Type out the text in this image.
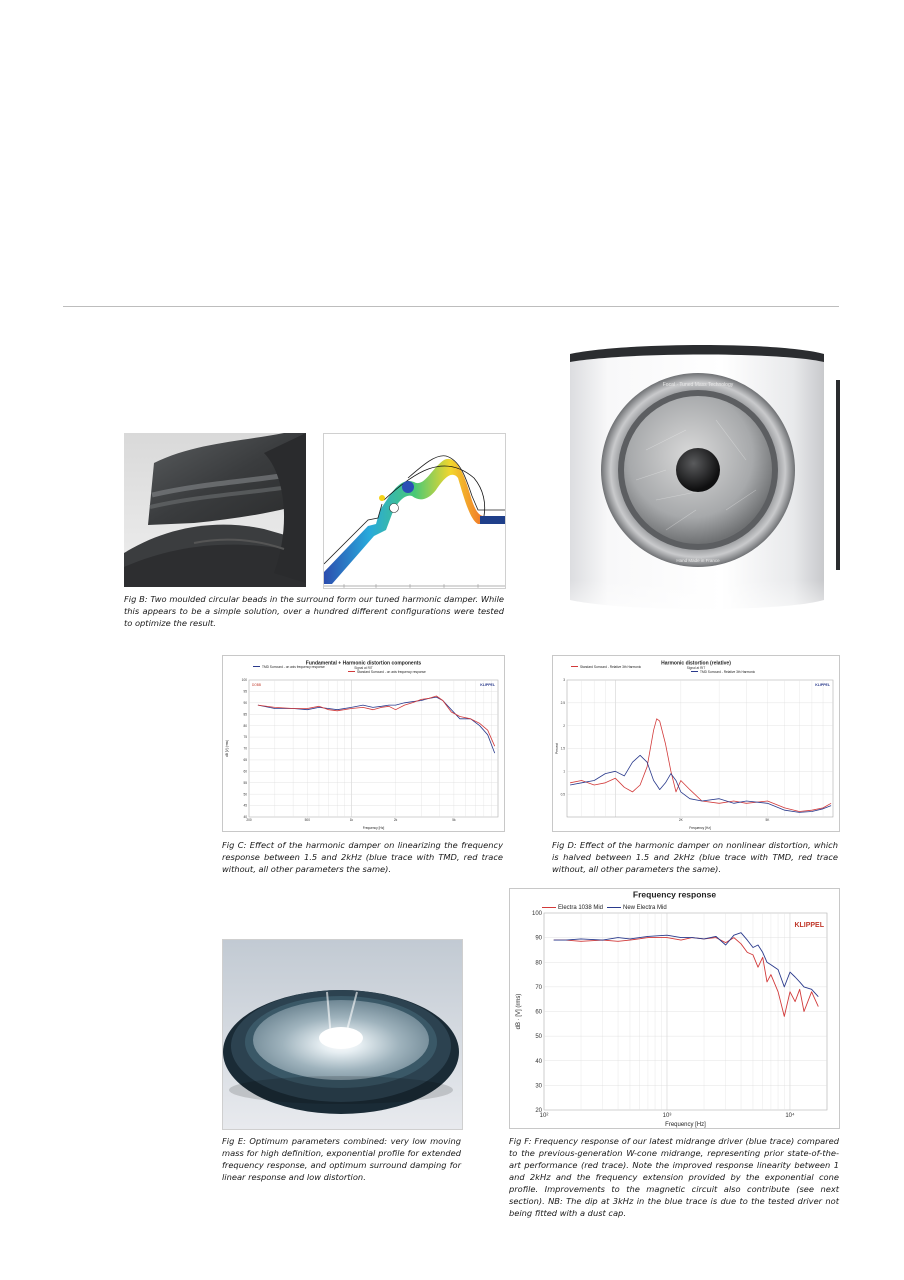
Fig B: Two moulded circular beads in the surround form our tuned harmonic damper. While this appears to be a simple solution, over a hundred different configurations were tested to optimize the result.
Focal · Tuned Mass Technology
Hand Made in France
Fundamental + Harmonic distortion components
Signal at RIT
40
45
50
55
60
65
70
75
80
85
90
95
100
200	500	1k	2k	5k
Frequency [Hz]
dB [V] (rms)
KLIPPEL
DOBB
TMD Surround - on axis frequency response
Standard Surround - on axis frequency response
Fig C: Effect of the harmonic damper on linearizing the frequency response between 1.5 and 2kHz (blue trace with TMD, red trace without, all other parameters the same).
Harmonic distortion (relative)
Signal at RIT
0.5
1
1.5
2
2.5
3
2K	5K
Frequency [Hz]
Percent
KLIPPEL
Standard Surround - Relative 3th Harmonic
TMD Surround - Relative 3th Harmonic
Fig D: Effect of the harmonic damper on nonlinear distortion, which is halved between 1.5 and 2kHz (blue trace with TMD, red trace without, all other parameters the same).
Fig E: Optimum parameters combined: very low moving mass for high definition, exponential profile for extended frequency response, and optimum surround damping for linear response and low distortion.
Frequency response
20
30
40
50
60
70
80
90
100
10²	10³	10⁴
Frequency [Hz]
dB · [V] (rms)
KLIPPEL
Electra 1038 Mid	New Electra Mid
Fig F: Frequency response of our latest midrange driver (blue trace) compared to the previous-generation W-cone midrange, representing prior state-of-the-art performance (red trace). Note the improved response linearity between 1 and 2kHz and the frequency extension provided by the exponential cone profile. Improvements to the magnetic circuit also contribute (see next section). NB: The dip at 3kHz in the blue trace is due to the tested driver not being fitted with a dust cap.
